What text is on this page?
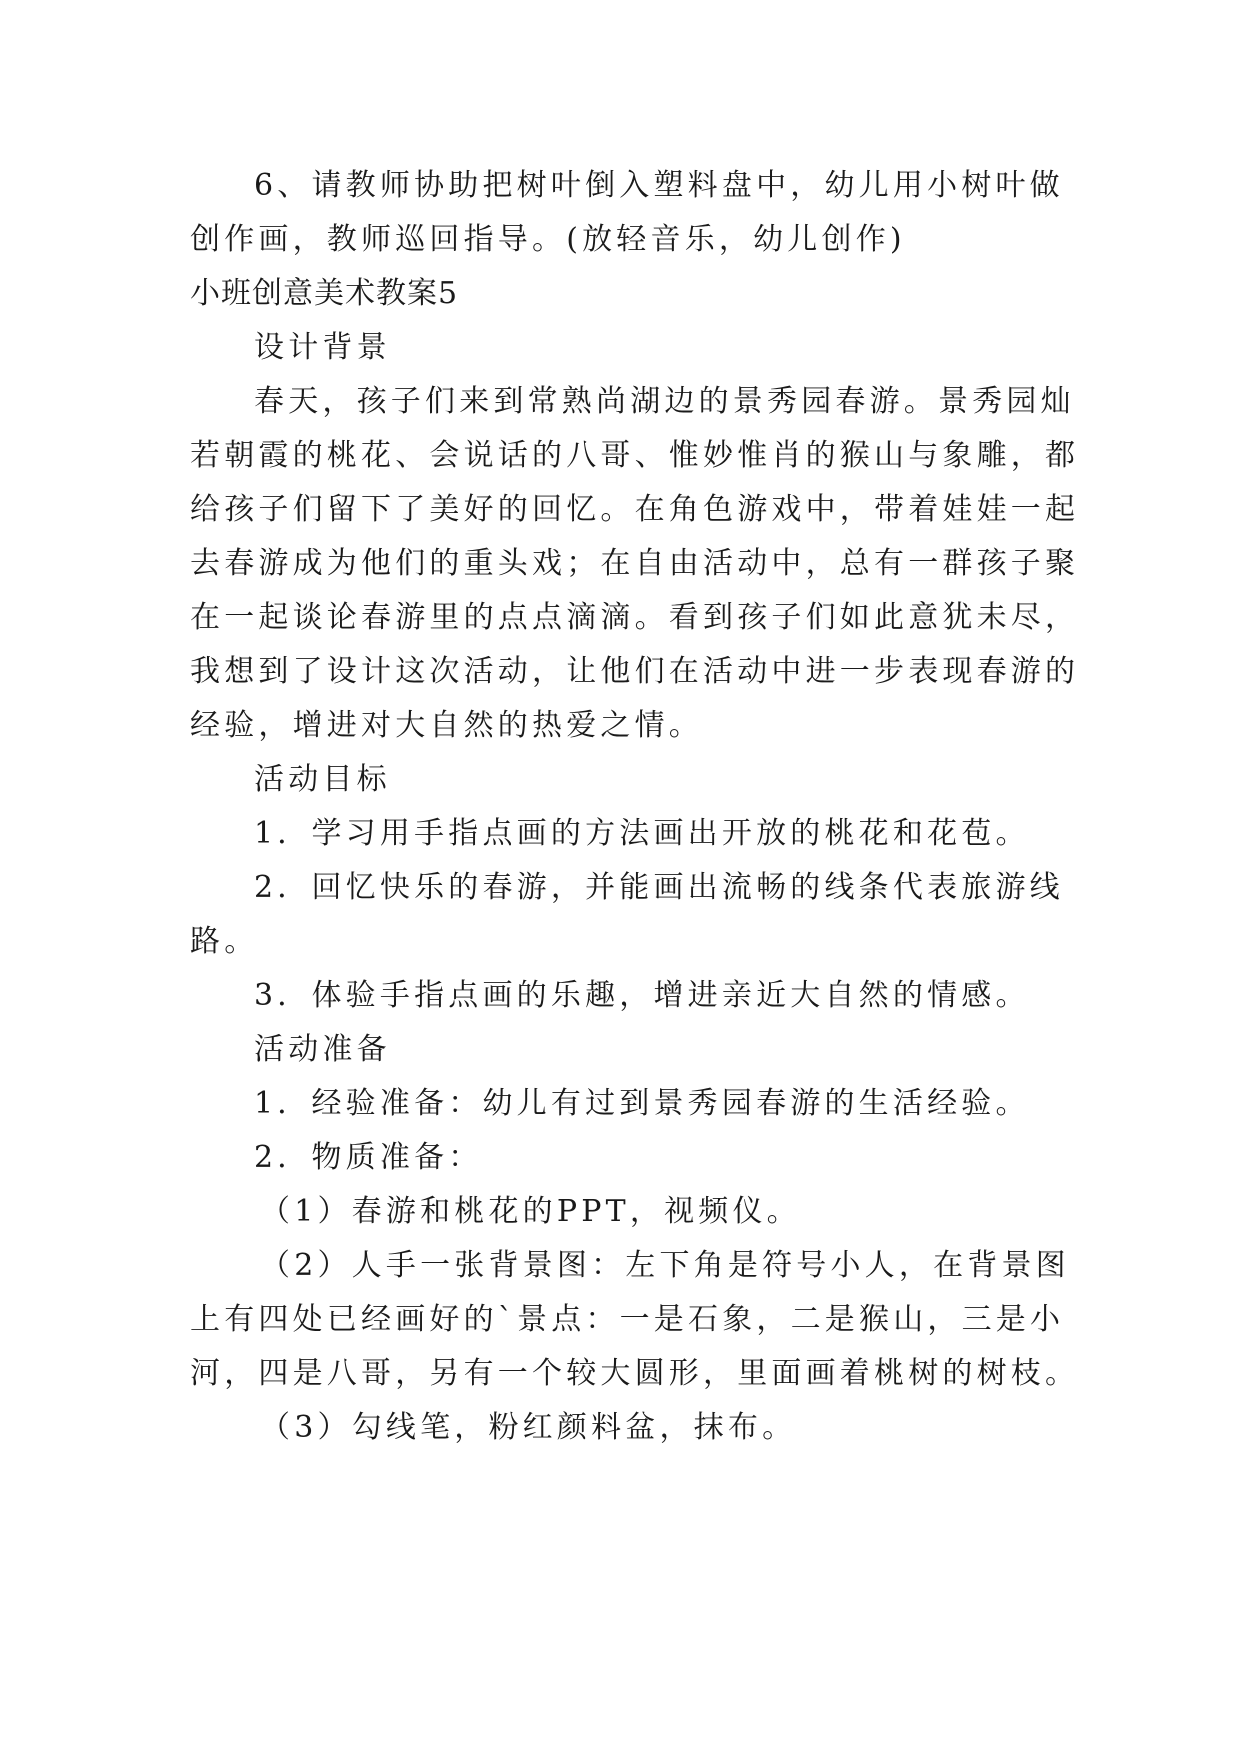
6、请教师协助把树叶倒入塑料盘中，幼儿用小树叶做
创作画，教师巡回指导。(放轻音乐，幼儿创作)
小班创意美术教案5
设计背景
春天，孩子们来到常熟尚湖边的景秀园春游。景秀园灿
若朝霞的桃花、会说话的八哥、惟妙惟肖的猴山与象雕，都
给孩子们留下了美好的回忆。在角色游戏中，带着娃娃一起
去春游成为他们的重头戏；在自由活动中，总有一群孩子聚
在一起谈论春游里的点点滴滴。看到孩子们如此意犹未尽，
我想到了设计这次活动，让他们在活动中进一步表现春游的
经验，增进对大自然的热爱之情。
活动目标
1．学习用手指点画的方法画出开放的桃花和花苞。
2．回忆快乐的春游，并能画出流畅的线条代表旅游线
路。
3．体验手指点画的乐趣，增进亲近大自然的情感。
活动准备
1．经验准备：幼儿有过到景秀园春游的生活经验。
2．物质准备：
（1）春游和桃花的PPT，视频仪。
（2）人手一张背景图：左下角是符号小人，在背景图
上有四处已经画好的`景点：一是石象，二是猴山，三是小
河，四是八哥，另有一个较大圆形，里面画着桃树的树枝。
（3）勾线笔，粉红颜料盆，抹布。
